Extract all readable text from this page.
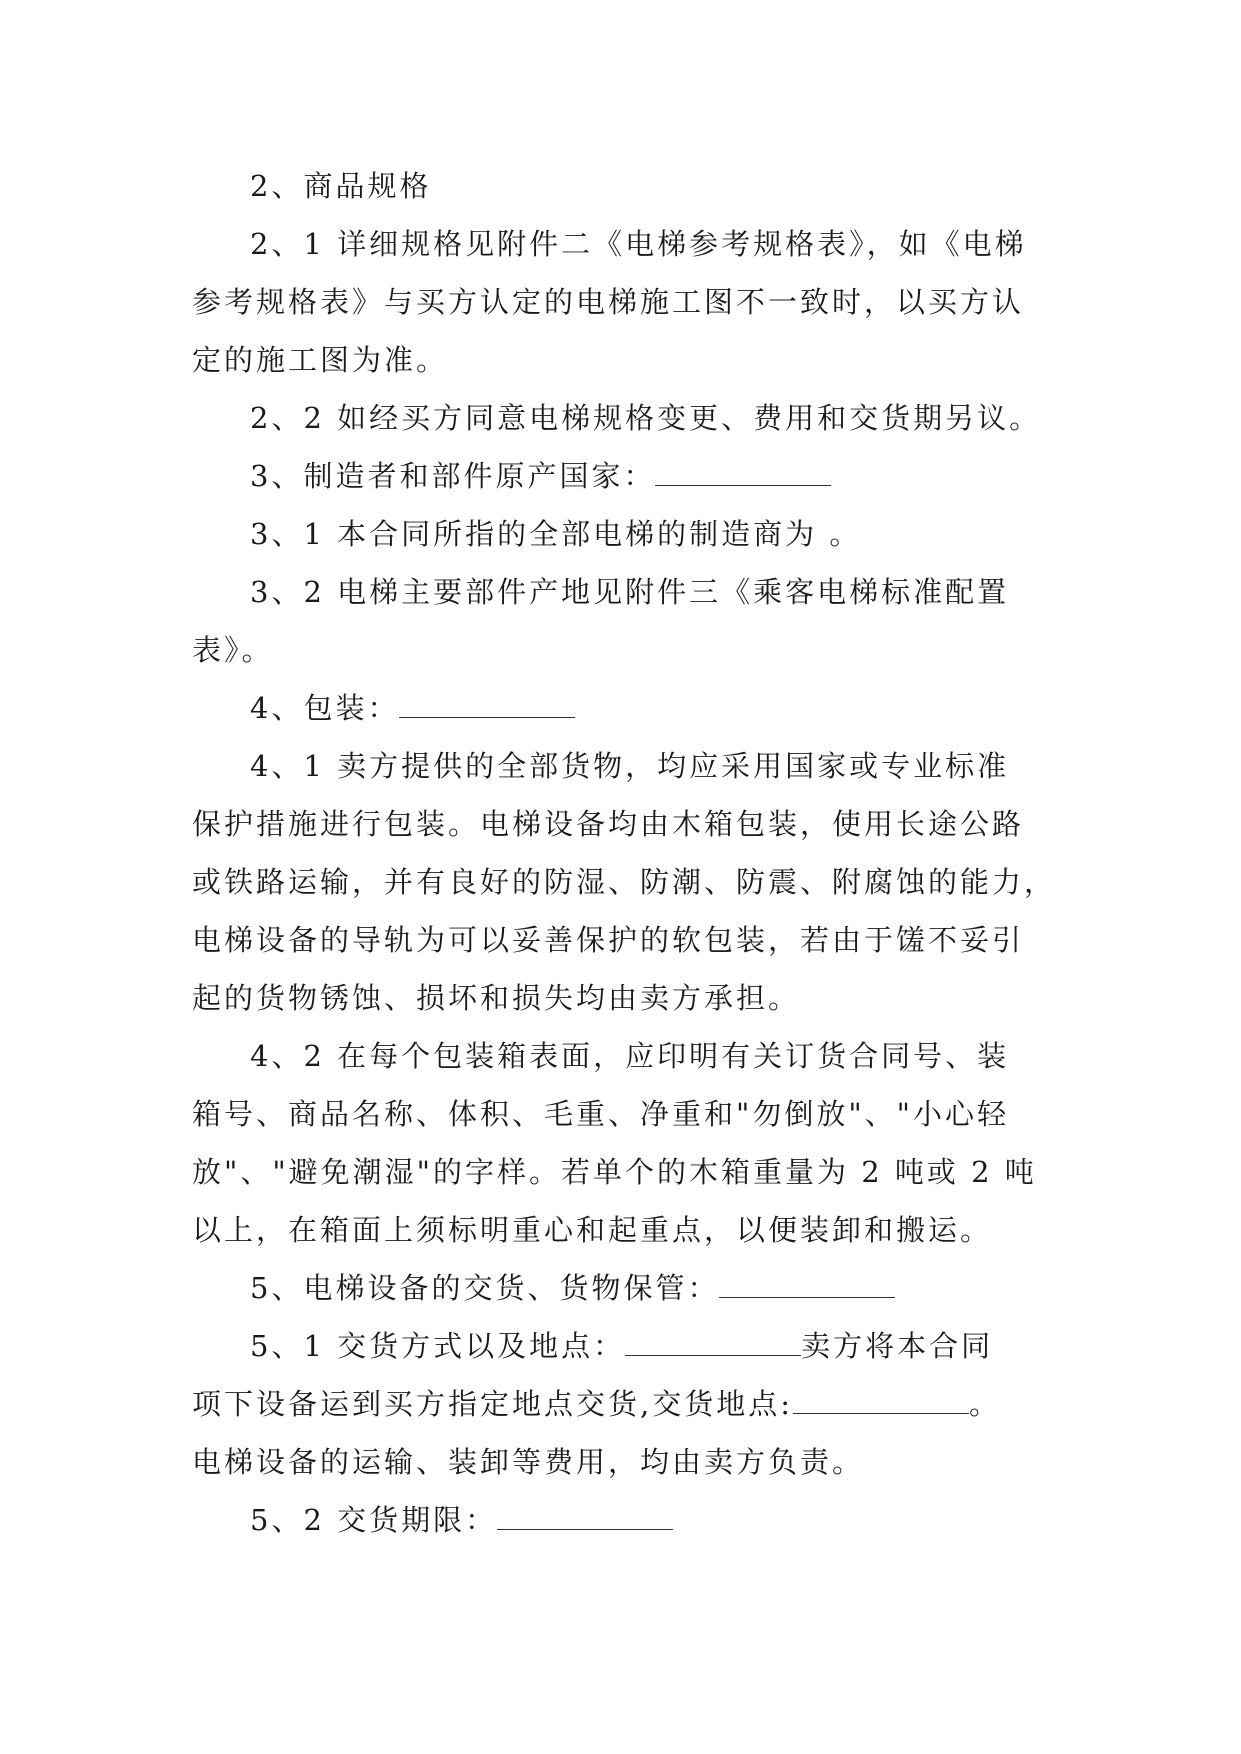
2、商品规格
2、1 详细规格见附件二《电梯参考规格表》，如《电梯
参考规格表》与买方认定的电梯施工图不一致时，以买方认
定的施工图为准。
2、2 如经买方同意电梯规格变更、费用和交货期另议。
3、制造者和部件原产国家：
3、1 本合同所指的全部电梯的制造商为 。
3、2 电梯主要部件产地见附件三《乘客电梯标准配置
表》。
4、包装：
4、1 卖方提供的全部货物，均应采用国家或专业标准
保护措施进行包装。电梯设备均由木箱包装，使用长途公路
或铁路运输，并有良好的防湿、防潮、防震、附腐蚀的能力，
电梯设备的导轨为可以妥善保护的软包装，若由于馐不妥引
起的货物锈蚀、损坏和损失均由卖方承担。
4、2 在每个包装箱表面，应印明有关订货合同号、装
箱号、商品名称、体积、毛重、净重和"勿倒放"、"小心轻
放"、"避免潮湿"的字样。若单个的木箱重量为 2 吨或 2 吨
以上，在箱面上须标明重心和起重点，以便装卸和搬运。
5、电梯设备的交货、货物保管：
5、1 交货方式以及地点：	卖方将本合同
项下设备运到买方指定地点交货,交货地点:	。
电梯设备的运输、装卸等费用，均由卖方负责。
5、2 交货期限：
